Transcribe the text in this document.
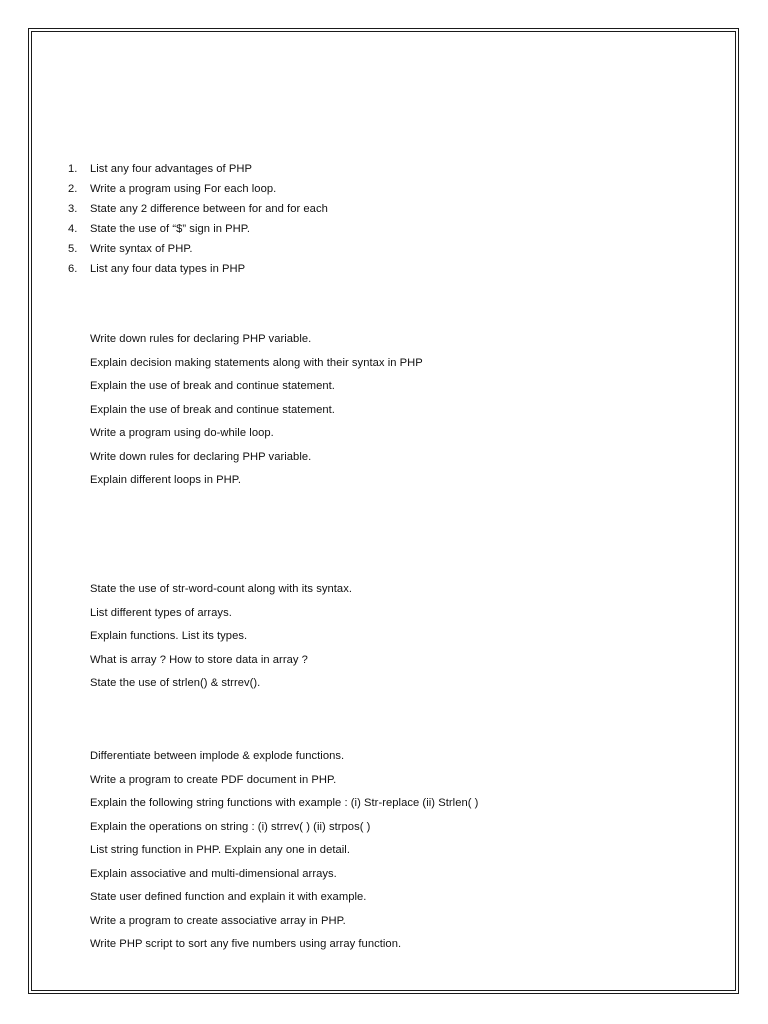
1.	List any four advantages of PHP
2.	Write a program using For each loop.
3.	State any 2 difference between for and for each
4.	State the use of “$” sign in PHP.
5.	Write syntax of PHP.
6.	List any four data types in PHP
Write down rules for declaring PHP variable.
Explain decision making statements along with their syntax in PHP
Explain the use of break and continue statement.
Explain the use of break and continue statement.
Write a program using do-while loop.
Write down rules for declaring PHP variable.
Explain different loops in PHP.
State the use of str-word-count along with its syntax.
List different types of arrays.
Explain functions. List its types.
What is array ? How to store data in array ?
State the use of strlen() & strrev().
Differentiate between implode & explode functions.
Write a program to create PDF document in PHP.
Explain the following string functions with example : (i) Str-replace (ii) Strlen( )
Explain the operations on string : (i) strrev( ) (ii) strpos( )
List string function in PHP. Explain any one in detail.
Explain associative and multi-dimensional arrays.
State user defined function and explain it with example.
Write a program to create associative array in PHP.
Write PHP script to sort any five numbers using array function.
